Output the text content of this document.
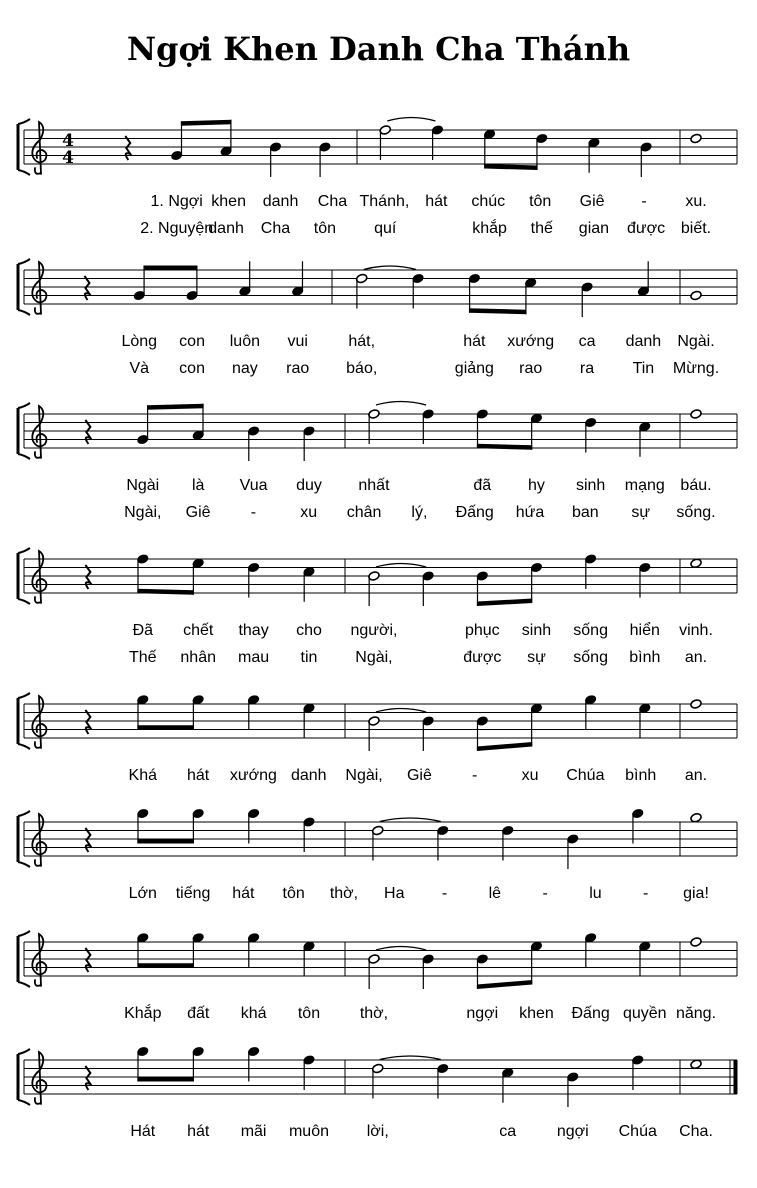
Ngợi Khen Danh Cha Thánh
4
4
1. Ngợi khen danh Cha Thánh, hát chúc tôn Giê - xu.
2. Nguyện
danh Cha tôn quí	khắp thế gian được biết.
Lòng con luôn vui	hát,	hát xướng ca danh Ngài.
Và con nay rao báo,	giảng rao ra Tin Mừng.
Ngài là Vua duy nhất	đã hy sinh mạng báu.
Ngài, Giê	-	xu chân lý, Đấng hứa ban sự sống.
Đã chết thay cho người,	phục sinh sống hiển vinh.
Thế nhân mau tin Ngài,	được sự sống bình an.
Khá hát xướng danh Ngài, Giê	-	xu Chúa bình an.
Lớn tiếng hát tôn thờ, Ha -	lê	-	lu	- gia!
Khắp đất khá tôn thờ,	ngợi khen Đấng quyền năng.
Hát hát mãi muôn lời,	ca	ngợi Chúa Cha.
